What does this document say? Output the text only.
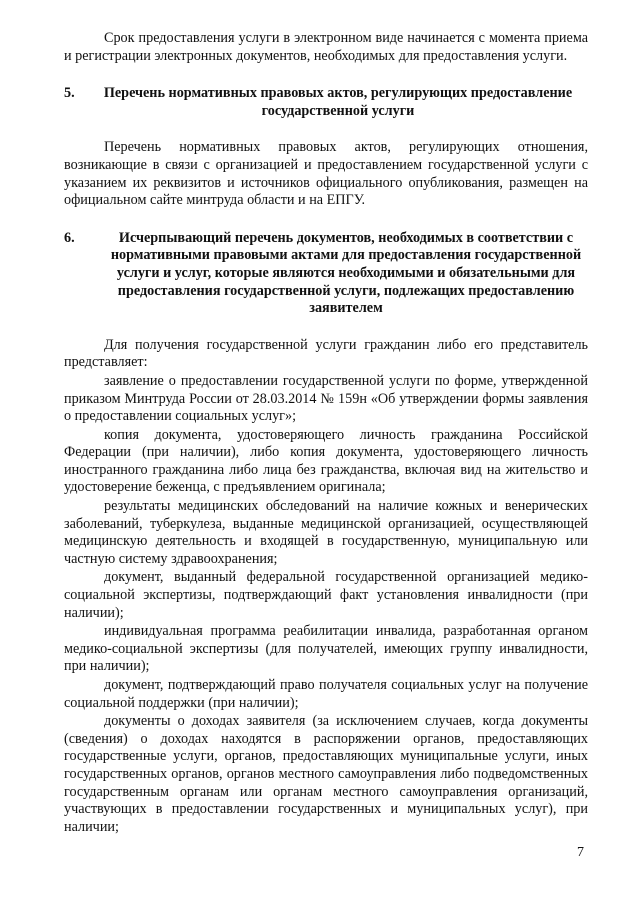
Срок предоставления услуги в электронном виде начинается с момента приема и регистрации электронных документов, необходимых для предоставления услуги.

5.	Перечень нормативных правовых актов, регулирующих предоставление государственной услуги

Перечень нормативных правовых актов, регулирующих отношения, возникающие в связи с организацией и предоставлением государственной услуги с указанием их реквизитов и источников официального опубликования, размещен на официальном сайте минтруда области и на ЕПГУ.

6.	Исчерпывающий перечень документов, необходимых в соответствии с нормативными правовыми актами для предоставления государственной услуги и услуг, которые являются необходимыми и обязательными для предоставления государственной услуги, подлежащих предоставлению заявителем

Для получения государственной услуги гражданин либо его представитель представляет:

заявление о предоставлении государственной услуги по форме, утвержденной приказом Минтруда России от 28.03.2014 № 159н «Об утверждении формы заявления о предоставлении социальных услуг»;

копия документа, удостоверяющего личность гражданина Российской Федерации (при наличии), либо копия документа, удостоверяющего личность иностранного гражданина либо лица без гражданства, включая вид на жительство и удостоверение беженца, с предъявлением оригинала;

результаты медицинских обследований на наличие кожных и венерических заболеваний, туберкулеза, выданные медицинской организацией, осуществляющей медицинскую деятельность и входящей в государственную, муниципальную или частную систему здравоохранения;

документ, выданный федеральной государственной организацией медико-социальной экспертизы, подтверждающий факт установления инвалидности (при наличии);

индивидуальная программа реабилитации инвалида, разработанная органом медико-социальной экспертизы (для получателей, имеющих группу инвалидности, при наличии);

документ, подтверждающий право получателя социальных услуг на получение социальной поддержки (при наличии);

документы о доходах заявителя (за исключением случаев, когда документы (сведения) о доходах находятся в распоряжении органов, предоставляющих государственные услуги, органов, предоставляющих муниципальные услуги, иных государственных органов, органов местного самоуправления либо подведомственных государственным органам или органам местного самоуправления организаций, участвующих в предоставлении государственных и муниципальных услуг), при наличии;

7
